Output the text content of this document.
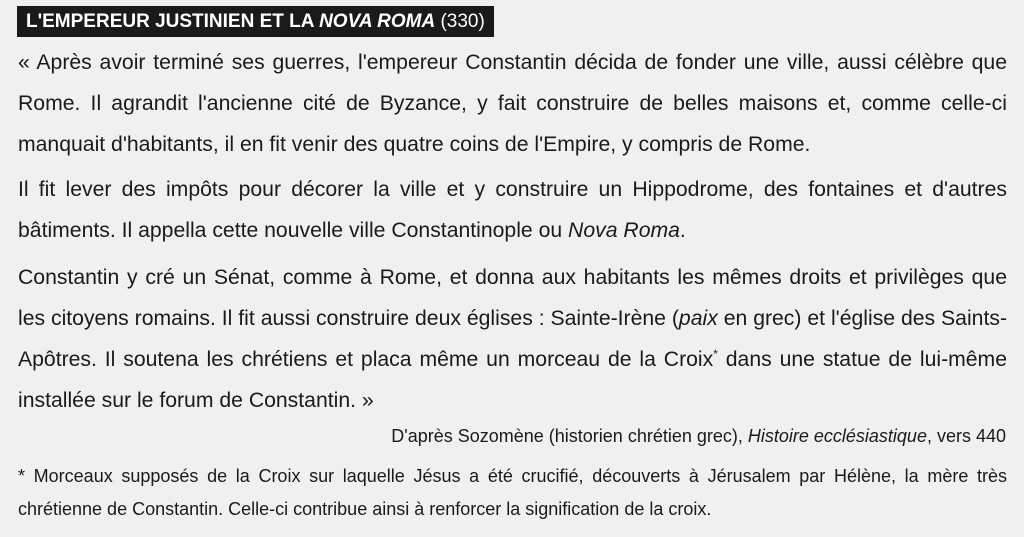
L'EMPEREUR JUSTINIEN ET LA NOVA ROMA (330)

« Après avoir terminé ses guerres, l'empereur Constantin décida de fonder une ville, aussi célèbre que Rome. Il agrandit l'ancienne cité de Byzance, y fait construire de belles maisons et, comme celle-ci manquait d'habitants, il en fit venir des quatre coins de l'Empire, y compris de Rome.

Il fit lever des impôts pour décorer la ville et y construire un Hippodrome, des fontaines et d'autres bâtiments. Il appella cette nouvelle ville Constantinople ou Nova Roma.

Constantin y cré un Sénat, comme à Rome, et donna aux habitants les mêmes droits et privilèges que les citoyens romains. Il fit aussi construire deux églises : Sainte-Irène (paix en grec) et l'église des Saints-Apôtres. Il soutena les chrétiens et placa même un morceau de la Croix* dans une statue de lui-même installée sur le forum de Constantin. »

D'après Sozomène (historien chrétien grec), Histoire ecclésiastique, vers 440

* Morceaux supposés de la Croix sur laquelle Jésus a été crucifié, découverts à Jérusalem par Hélène, la mère très chrétienne de Constantin. Celle-ci contribue ainsi à renforcer la signification de la croix.
